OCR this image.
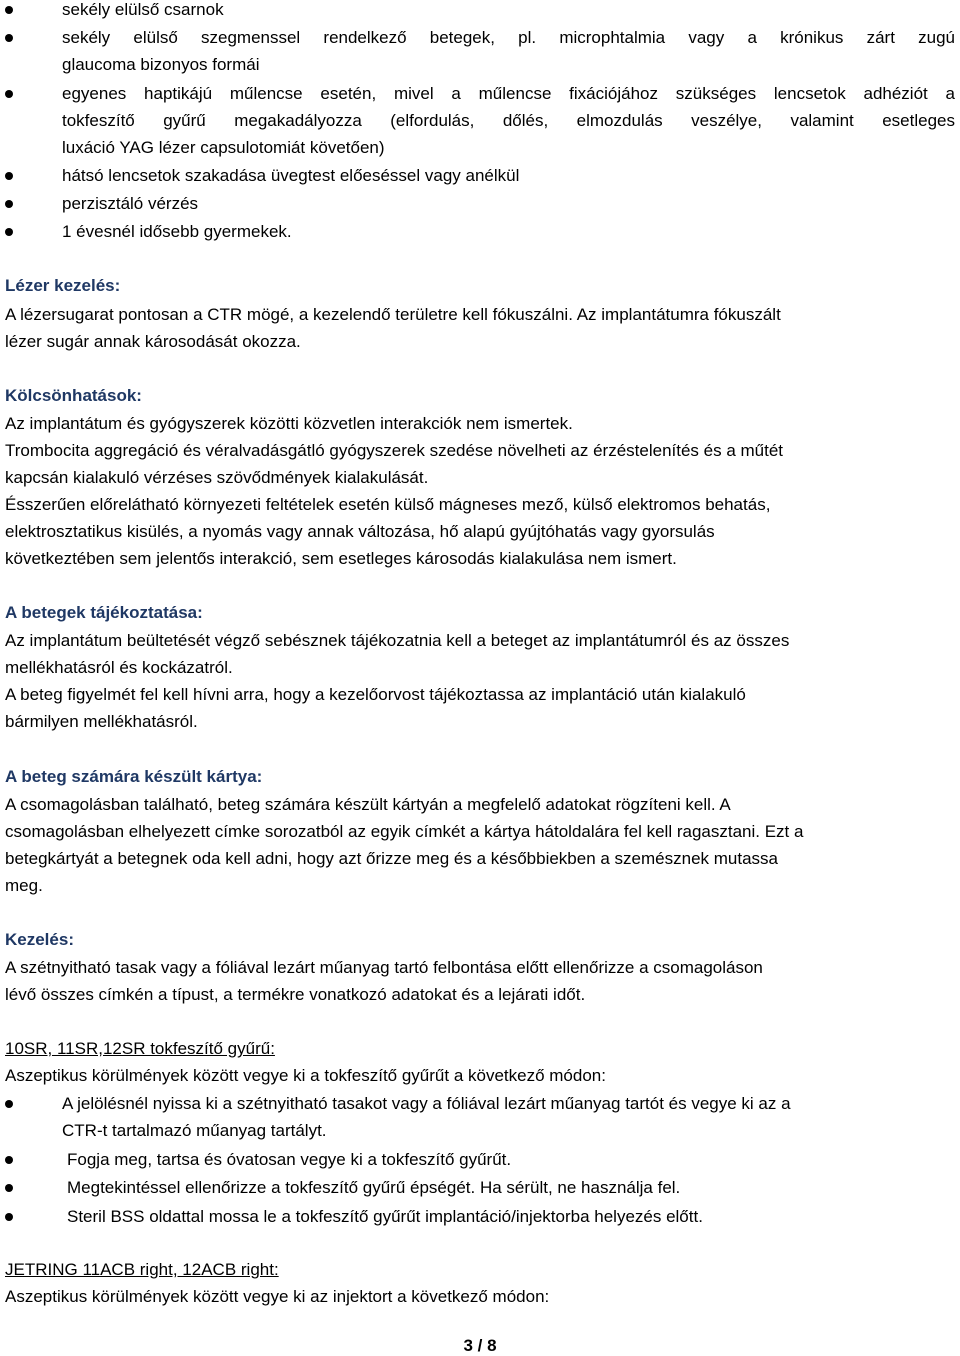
sekély elülső csarnok
sekély elülső szegmenssel rendelkező betegek, pl. microphtalmia vagy a krónikus zárt zugú
glaucoma bizonyos formái
egyenes haptikájú műlencse esetén, mivel a műlencse fixációjához szükséges lencsetok adhéziót a
tokfeszítő gyűrű megakadályozza (elfordulás, dőlés, elmozdulás veszélye, valamint esetleges
luxáció YAG lézer capsulotomiát követően)
hátsó lencsetok szakadása üvegtest előeséssel vagy anélkül
perzisztáló vérzés
1 évesnél idősebb gyermekek.
Lézer kezelés:
A lézersugarat pontosan a CTR mögé, a kezelendő területre kell fókuszálni. Az implantátumra fókuszált
lézer sugár annak károsodását okozza.
Kölcsönhatások:
Az implantátum és gyógyszerek közötti közvetlen interakciók nem ismertek.
Trombocita aggregáció és véralvadásgátló gyógyszerek szedése növelheti az érzéstelenítés és a műtét
kapcsán kialakuló vérzéses szövődmények kialakulását.
Ésszerűen előrelátható környezeti feltételek esetén külső mágneses mező, külső elektromos behatás,
elektrosztatikus kisülés, a nyomás vagy annak változása, hő alapú gyújtóhatás vagy gyorsulás
következtében sem jelentős interakció, sem esetleges károsodás kialakulása nem ismert.
A betegek tájékoztatása:
Az implantátum beültetését végző sebésznek tájékozatnia kell a beteget az implantátumról és az összes
mellékhatásról és kockázatról.
A beteg figyelmét fel kell hívni arra, hogy a kezelőorvost tájékoztassa az implantáció után kialakuló
bármilyen mellékhatásról.
A beteg számára készült kártya:
A csomagolásban található, beteg számára készült kártyán a megfelelő adatokat rögzíteni kell. A
csomagolásban elhelyezett címke sorozatból az egyik címkét a kártya hátoldalára fel kell ragasztani. Ezt a
betegkártyát a betegnek oda kell adni, hogy azt őrizze meg és a későbbiekben a szemésznek mutassa
meg.
Kezelés:
A szétnyitható tasak vagy a fóliával lezárt műanyag tartó felbontása előtt ellenőrizze a csomagoláson
lévő összes címkén a típust, a termékre vonatkozó adatokat és a lejárati időt.
10SR, 11SR,12SR tokfeszítő gyűrű:
Aszeptikus körülmények között vegye ki a tokfeszítő gyűrűt a következő módon:
A jelölésnél nyissa ki a szétnyitható tasakot vagy a fóliával lezárt műanyag tartót és vegye ki az a
CTR-t tartalmazó műanyag tartályt.
Fogja meg, tartsa és óvatosan vegye ki a tokfeszítő gyűrűt.
Megtekintéssel ellenőrizze a tokfeszítő gyűrű épségét. Ha sérült, ne használja fel.
Steril BSS oldattal mossa le a tokfeszítő gyűrűt implantáció/injektorba helyezés előtt.
JETRING 11ACB right, 12ACB right:
Aszeptikus körülmények között vegye ki az injektort a következő módon:
3 / 8
